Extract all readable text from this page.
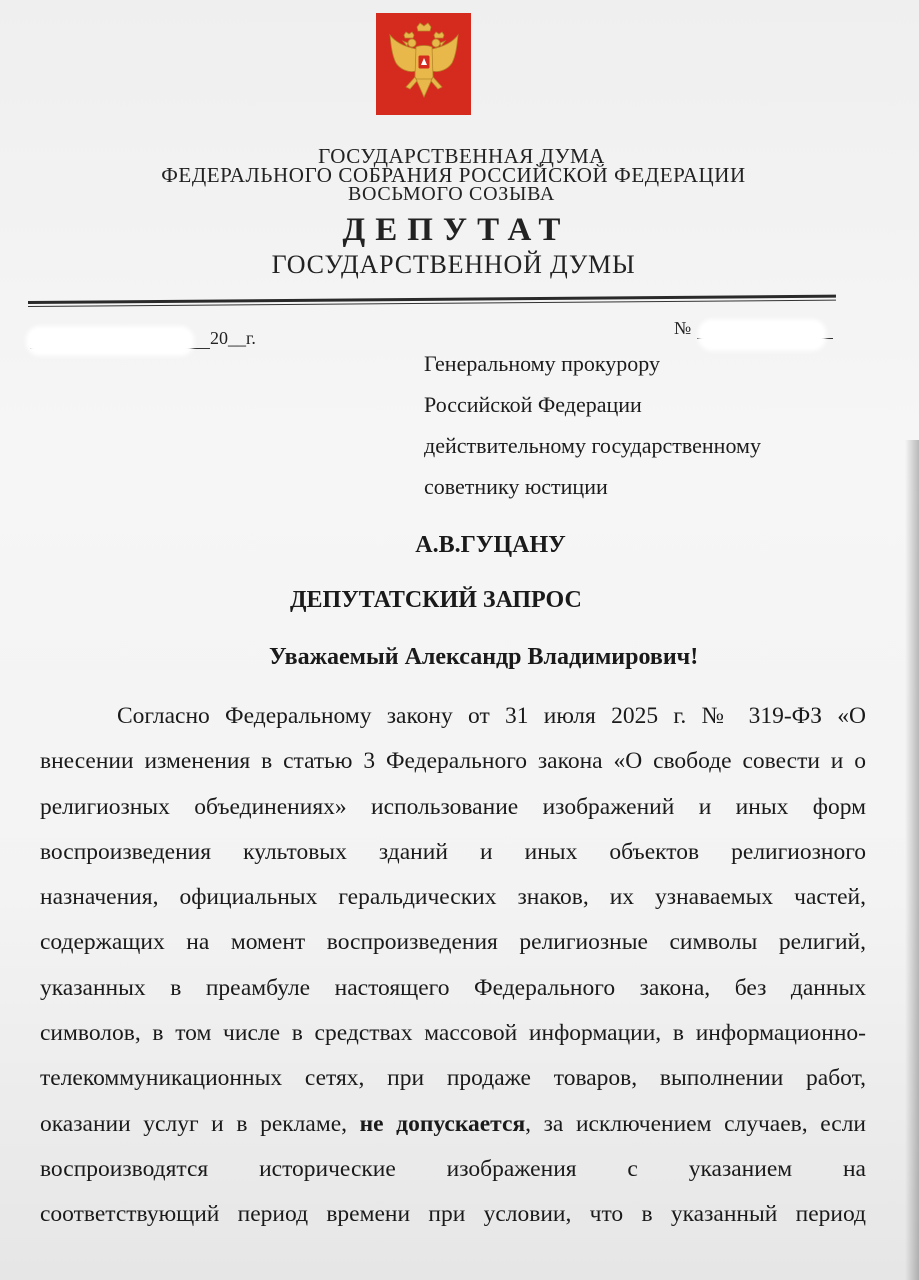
ГОСУДАРСТВЕННАЯ ДУМА
ФЕДЕРАЛЬНОГО СОБРАНИЯ РОССИЙСКОЙ ФЕДЕРАЦИИ
ВОСЬМОГО СОЗЫВА
ДЕПУТАТ
ГОСУДАРСТВЕННОЙ ДУМЫ
20__г.	№
Генеральному прокурору
Российской Федерации
действительному государственному
советнику юстиции
А.В.ГУЦАНУ
ДЕПУТАТСКИЙ ЗАПРОС
Уважаемый Александр Владимирович!
Согласно Федеральному закону от 31 июля 2025 г. № 319-ФЗ «О
внесении изменения в статью 3 Федерального закона «О свободе совести и о
религиозных объединениях» использование изображений и иных форм
воспроизведения культовых зданий и иных объектов религиозного
назначения, официальных геральдических знаков, их узнаваемых частей,
содержащих на момент воспроизведения религиозные символы религий,
указанных в преамбуле настоящего Федерального закона, без данных
символов, в том числе в средствах массовой информации, в информационно-
телекоммуникационных сетях, при продаже товаров, выполнении работ,
оказании услуг и в рекламе, не допускается, за исключением случаев, если
воспроизводятся исторические изображения с указанием на
соответствующий период времени при условии, что в указанный период
